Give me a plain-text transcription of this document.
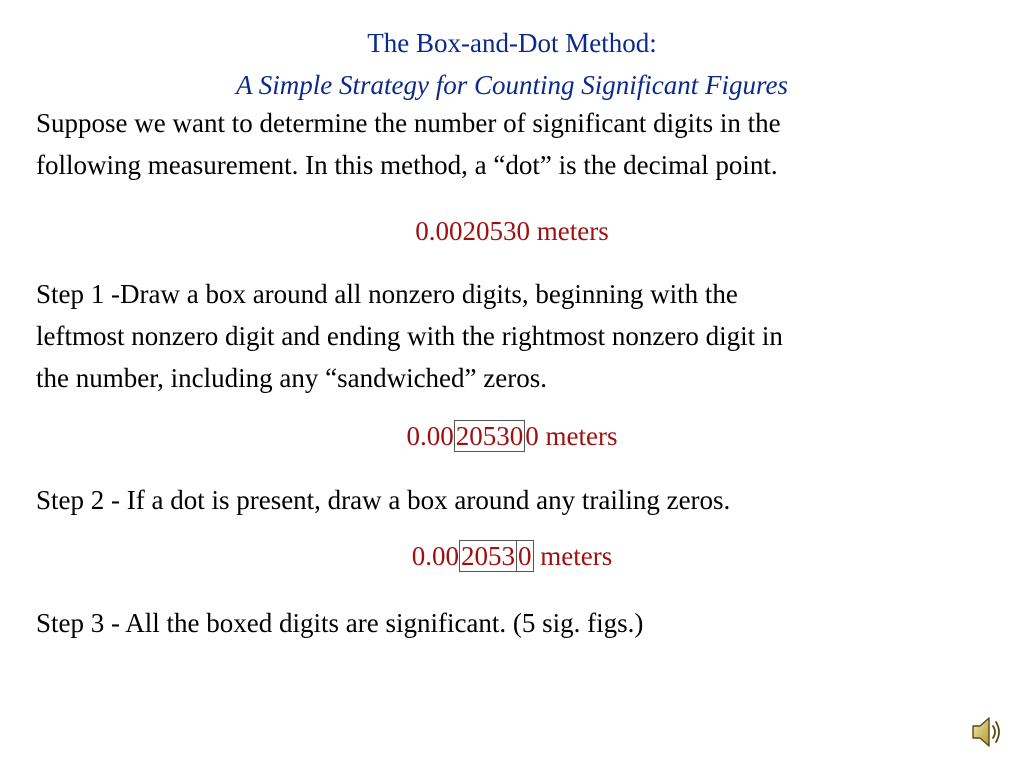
The Box-and-Dot Method:
A Simple Strategy for Counting Significant Figures
Suppose we want to determine the number of significant digits in the
following measurement. In this method, a “dot” is the decimal point.
0.0020530 meters
Step 1 -Draw a box around all nonzero digits, beginning with the
leftmost nonzero digit and ending with the rightmost nonzero digit in
the number, including any “sandwiched” zeros.
0.00205300 meters
Step 2 - If a dot is present, draw a box around any trailing zeros.
0.002053 0 meters
Step 3 - All the boxed digits are significant. (5 sig. figs.)
